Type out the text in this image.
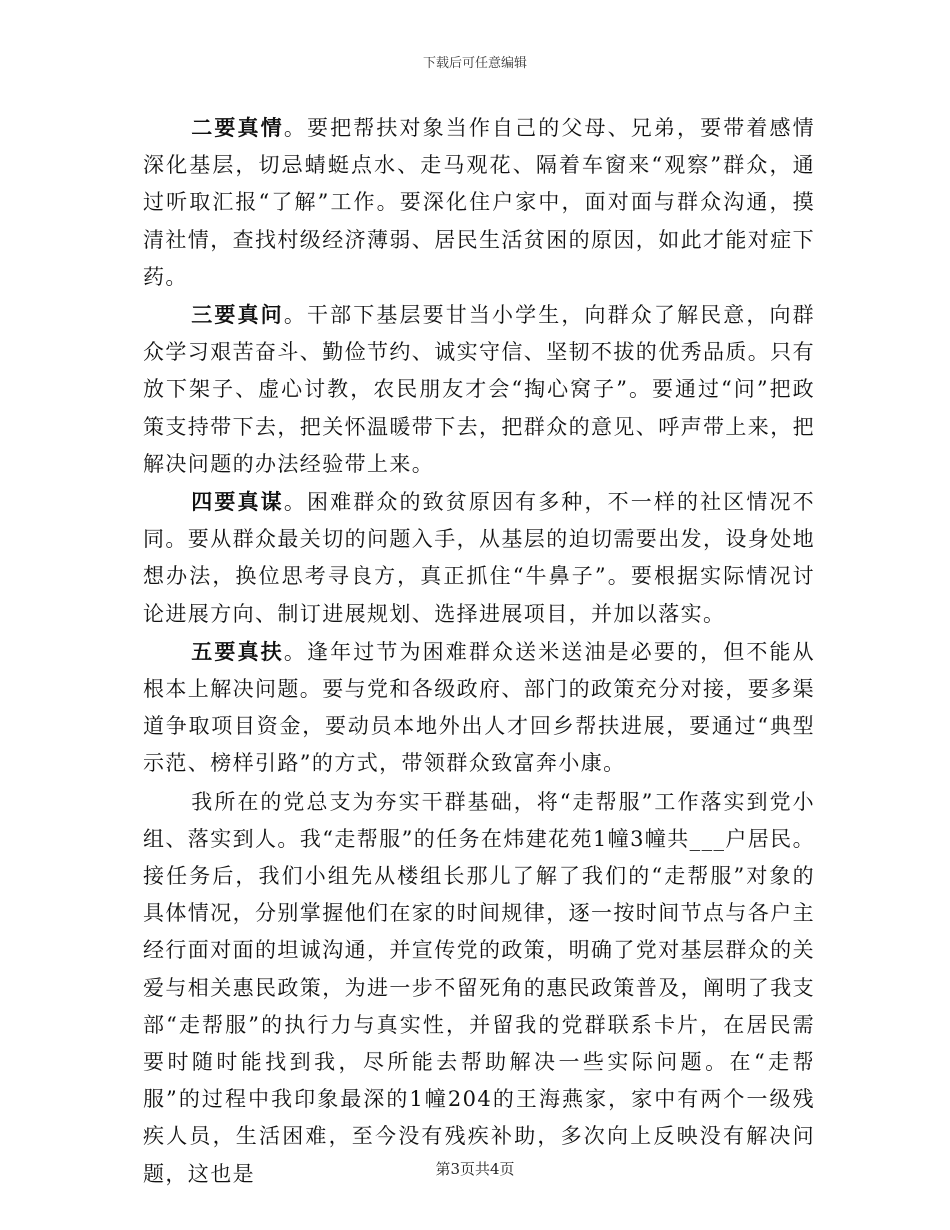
下载后可任意编辑

二要真情。要把帮扶对象当作自己的父母、兄弟，要带着感情深化基层，切忌蜻蜓点水、走马观花、隔着车窗来“观察”群众，通过听取汇报“了解”工作。要深化住户家中，面对面与群众沟通，摸清社情，查找村级经济薄弱、居民生活贫困的原因，如此才能对症下药。

三要真问。干部下基层要甘当小学生，向群众了解民意，向群众学习艰苦奋斗、勤俭节约、诚实守信、坚韧不拔的优秀品质。只有放下架子、虚心讨教，农民朋友才会“掏心窝子”。要通过“问”把政策支持带下去，把关怀温暖带下去，把群众的意见、呼声带上来，把解决问题的办法经验带上来。

四要真谋。困难群众的致贫原因有多种，不一样的社区情况不同。要从群众最关切的问题入手，从基层的迫切需要出发，设身处地想办法，换位思考寻良方，真正抓住“牛鼻子”。要根据实际情况讨论进展方向、制订进展规划、选择进展项目，并加以落实。

五要真扶。逢年过节为困难群众送米送油是必要的，但不能从根本上解决问题。要与党和各级政府、部门的政策充分对接，要多渠道争取项目资金，要动员本地外出人才回乡帮扶进展，要通过“典型示范、榜样引路”的方式，带领群众致富奔小康。

我所在的党总支为夯实干群基础，将“走帮服”工作落实到党小组、落实到人。我“走帮服”的任务在炜建花苑1幢3幢共___户居民。接任务后，我们小组先从楼组长那儿了解了我们的“走帮服”对象的具体情况，分别掌握他们在家的时间规律，逐一按时间节点与各户主经行面对面的坦诚沟通，并宣传党的政策，明确了党对基层群众的关爱与相关惠民政策，为进一步不留死角的惠民政策普及，阐明了我支部“走帮服”的执行力与真实性，并留我的党群联系卡片，在居民需要时随时能找到我，尽所能去帮助解决一些实际问题。在“走帮服”的过程中我印象最深的1幢204的王海燕家，家中有两个一级残疾人员，生活困难，至今没有残疾补助，多次向上反映没有解决问题，这也是	第3页共4页
